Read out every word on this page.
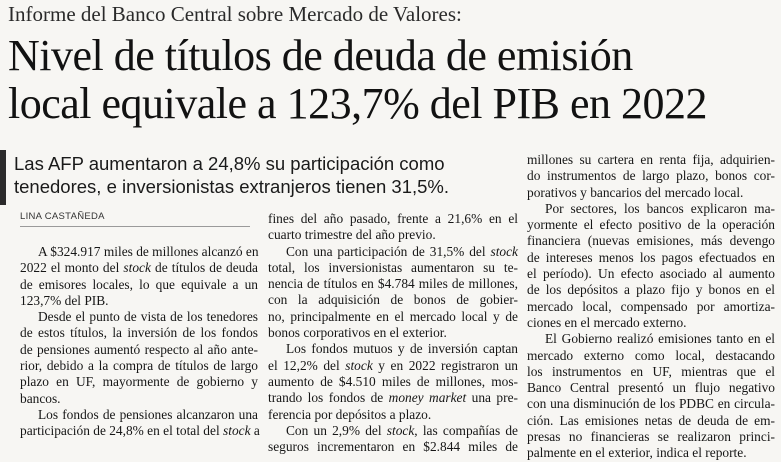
Informe del Banco Central sobre Mercado de Valores:
Nivel de títulos de deuda de emisión
local equivale a 123,7% del PIB en 2022
Las AFP aumentaron a 24,8% su participación como tenedores, e inversionistas extranjeros tienen 31,5%.
LINA CASTAÑEDA
A $324.917 miles de millones alcanzó en
2022 el monto del stock de títulos de deuda
de emisores locales, lo que equivale a un
123,7% del PIB.
Desde el punto de vista de los tenedores
de estos títulos, la inversión de los fondos
de pensiones aumentó respecto al año ante-
rior, debido a la compra de títulos de largo
plazo en UF, mayormente de gobierno y
bancos.
Los fondos de pensiones alcanzaron una
participación de 24,8% en el total del stock a
fines del año pasado, frente a 21,6% en el
cuarto trimestre del año previo.
Con una participación de 31,5% del stock
total, los inversionistas aumentaron su te-
nencia de títulos en $4.784 miles de millones,
con la adquisición de bonos de gobier-
no, principalmente en el mercado local y de
bonos corporativos en el exterior.
Los fondos mutuos y de inversión captan
el 12,2% del stock y en 2022 registraron un
aumento de $4.510 miles de millones, mos-
trando los fondos de money market una pre-
ferencia por depósitos a plazo.
Con un 2,9% del stock, las compañías de
seguros incrementaron en $2.844 miles de
millones su cartera en renta fija, adquirien-
do instrumentos de largo plazo, bonos cor-
porativos y bancarios del mercado local.
Por sectores, los bancos explicaron ma-
yormente el efecto positivo de la operación
financiera (nuevas emisiones, más devengo
de intereses menos los pagos efectuados en
el período). Un efecto asociado al aumento
de los depósitos a plazo fijo y bonos en el
mercado local, compensado por amortiza-
ciones en el mercado externo.
El Gobierno realizó emisiones tanto en el
mercado externo como local, destacando
los instrumentos en UF, mientras que el
Banco Central presentó un flujo negativo
con una disminución de los PDBC en circula-
ción. Las emisiones netas de deuda de em-
presas no financieras se realizaron princi-
palmente en el exterior, indica el reporte.
